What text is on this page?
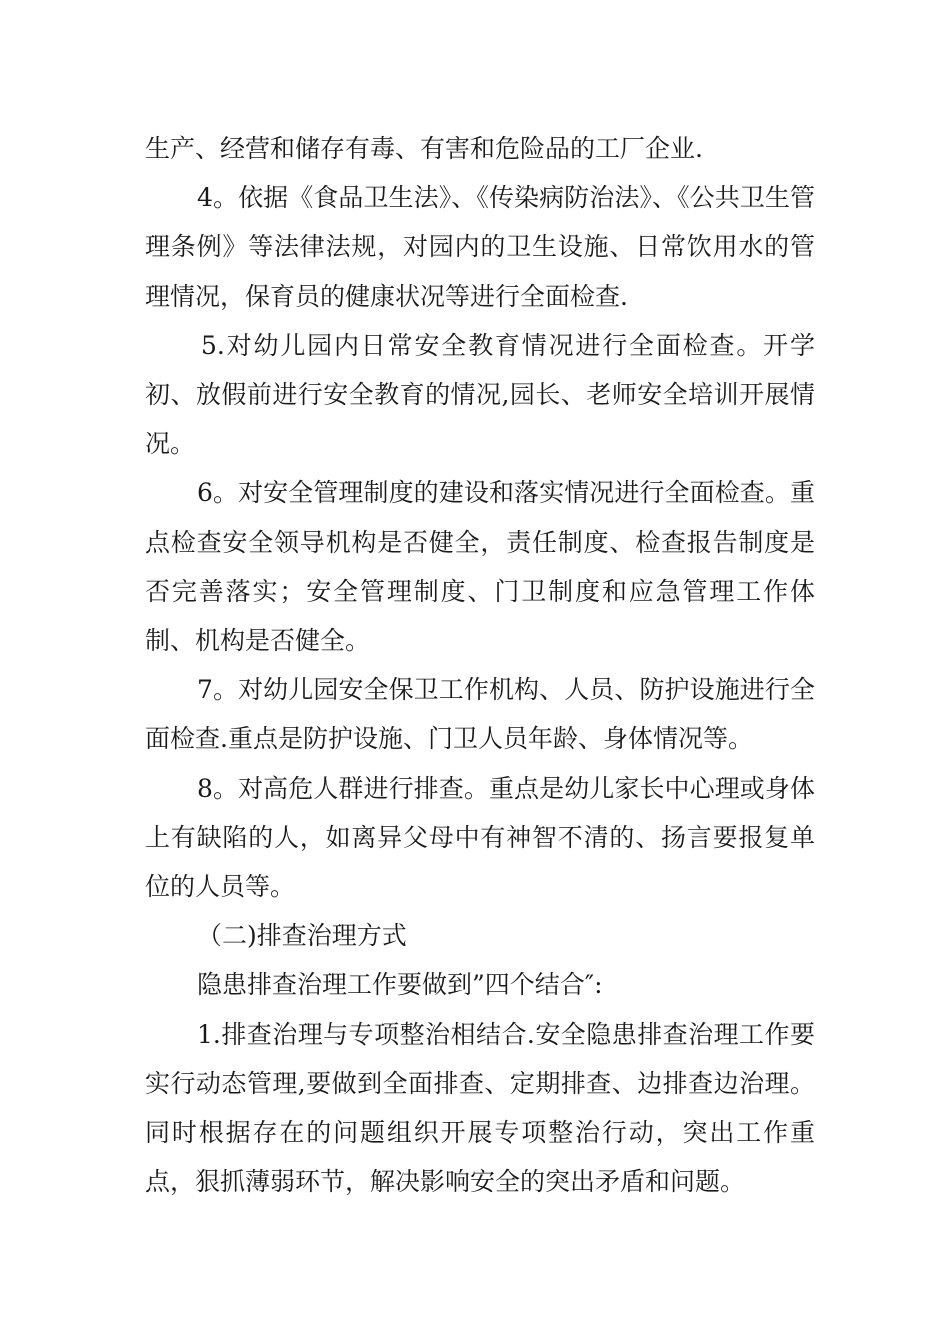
生产、经营和储存有毒、有害和危险品的工厂企业.

4。依据《食品卫生法》、《传染病防治法》、《公共卫生管理条例》等法律法规，对园内的卫生设施、日常饮用水的管理情况，保育员的健康状况等进行全面检查.

5.对幼儿园内日常安全教育情况进行全面检查。开学初、放假前进行安全教育的情况,园长、老师安全培训开展情况。

6。对安全管理制度的建设和落实情况进行全面检查。重点检查安全领导机构是否健全，责任制度、检查报告制度是否完善落实；安全管理制度、门卫制度和应急管理工作体制、机构是否健全。

7。对幼儿园安全保卫工作机构、人员、防护设施进行全面检查.重点是防护设施、门卫人员年龄、身体情况等。

8。对高危人群进行排查。重点是幼儿家长中心理或身体上有缺陷的人，如离异父母中有神智不清的、扬言要报复单位的人员等。

（二)排查治理方式

隐患排查治理工作要做到”四个结合″:

1.排查治理与专项整治相结合.安全隐患排查治理工作要实行动态管理,要做到全面排查、定期排查、边排查边治理。同时根据存在的问题组织开展专项整治行动，突出工作重点，狠抓薄弱环节，解决影响安全的突出矛盾和问题。
